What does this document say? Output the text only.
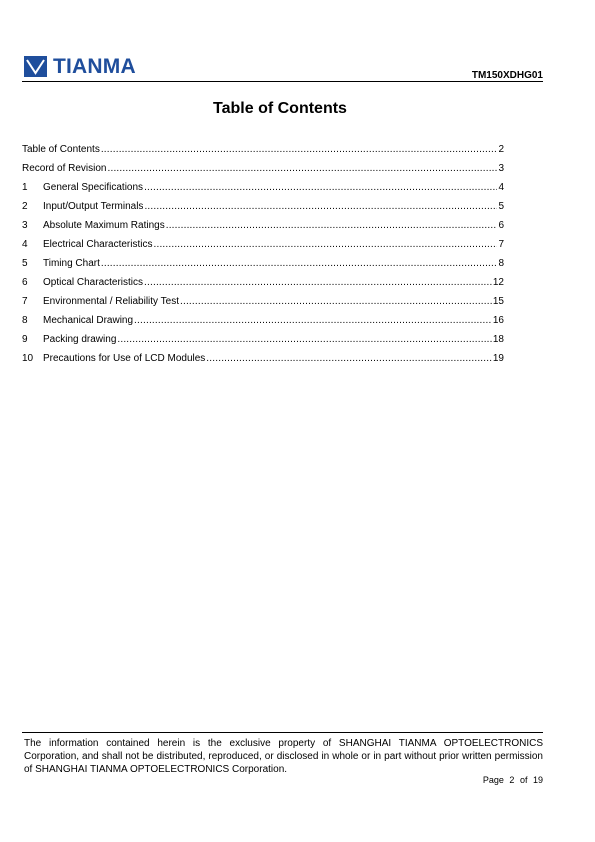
TIANMA	TM150XDHG01
Table of Contents
Table of Contents .....	2
Record of Revision .....	3
1	General Specifications .....	4
2	Input/Output Terminals .....	5
3	Absolute Maximum Ratings .....	6
4	Electrical Characteristics .....	7
5	Timing Chart .....	8
6	Optical Characteristics .....	12
7	Environmental / Reliability Test .....	15
8	Mechanical Drawing .....	16
9	Packing drawing .....	18
10 Precautions for Use of LCD Modules .....	19
The information contained herein is the exclusive property of SHANGHAI TIANMA OPTOELECTRONICS Corporation, and shall not be distributed, reproduced, or disclosed in whole or in part without prior written permission of SHANGHAI TIANMA OPTOELECTRONICS Corporation.
Page 2 of 19
